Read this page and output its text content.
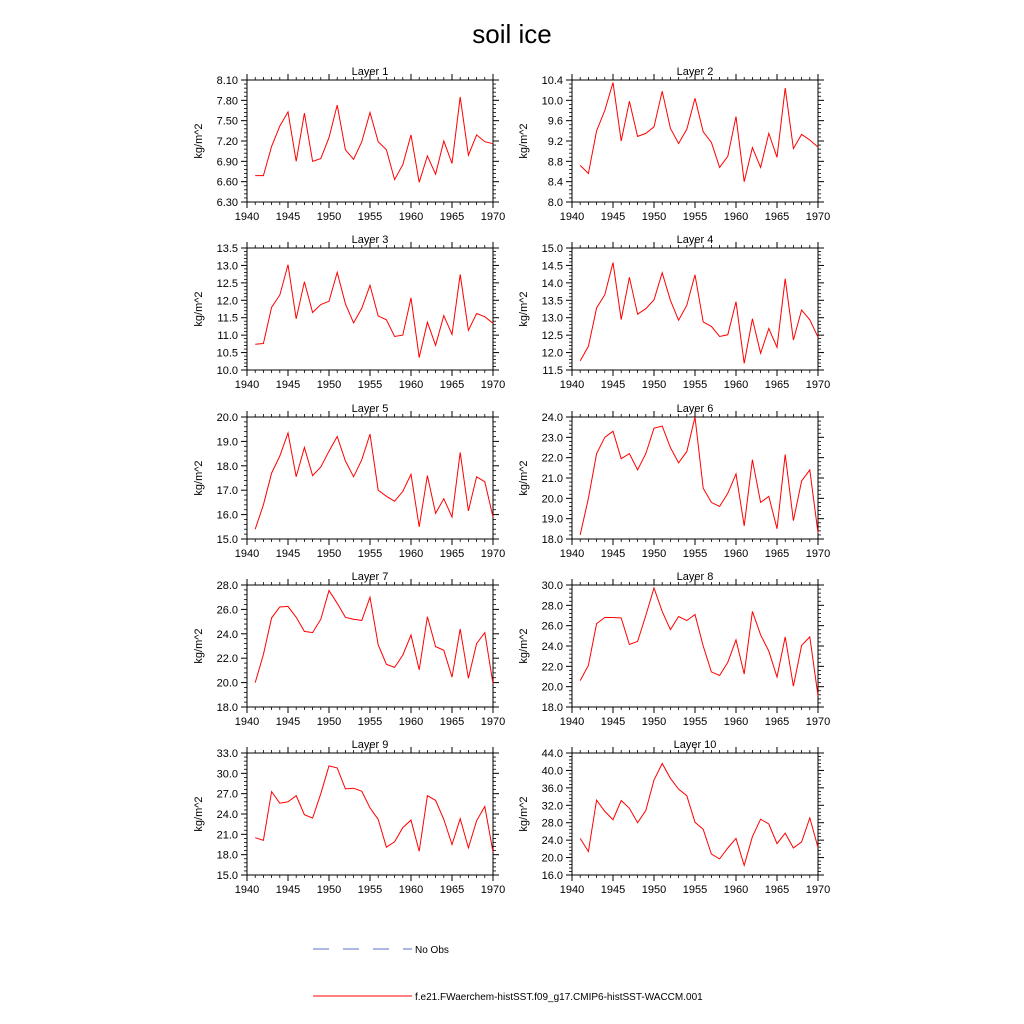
soil ice
Layer 1
kg/m^2
1940 1945 1950 1955 1960 1965 1970
6.30
6.60
6.90
7.20
7.50
7.80
8.10
Layer 2
kg/m^2
1940 1945 1950 1955 1960 1965 1970
8.0
8.4
8.8
9.2
9.6
10.0
10.4
Layer 3
kg/m^2
1940 1945 1950 1955 1960 1965 1970
10.0
10.5
11.0
11.5
12.0
12.5
13.0
13.5
Layer 4
kg/m^2
1940 1945 1950 1955 1960 1965 1970
11.5
12.0
12.5
13.0
13.5
14.0
14.5
15.0
Layer 5
kg/m^2
1940 1945 1950 1955 1960 1965 1970
15.0
16.0
17.0
18.0
19.0
20.0
Layer 6
kg/m^2
1940 1945 1950 1955 1960 1965 1970
18.0
19.0
20.0
21.0
22.0
23.0
24.0
Layer 7
kg/m^2
1940 1945 1950 1955 1960 1965 1970
18.0
20.0
22.0
24.0
26.0
28.0
Layer 8
kg/m^2
1940 1945 1950 1955 1960 1965 1970
18.0
20.0
22.0
24.0
26.0
28.0
30.0
Layer 9
kg/m^2
1940 1945 1950 1955 1960 1965 1970
15.0
18.0
21.0
24.0
27.0
30.0
33.0
Layer 10
kg/m^2
1940 1945 1950 1955 1960 1965 1970
16.0
20.0
24.0
28.0
32.0
36.0
40.0
44.0
No Obs
f.e21.FWaerchem-histSST.f09_g17.CMIP6-histSST-WACCM.001
